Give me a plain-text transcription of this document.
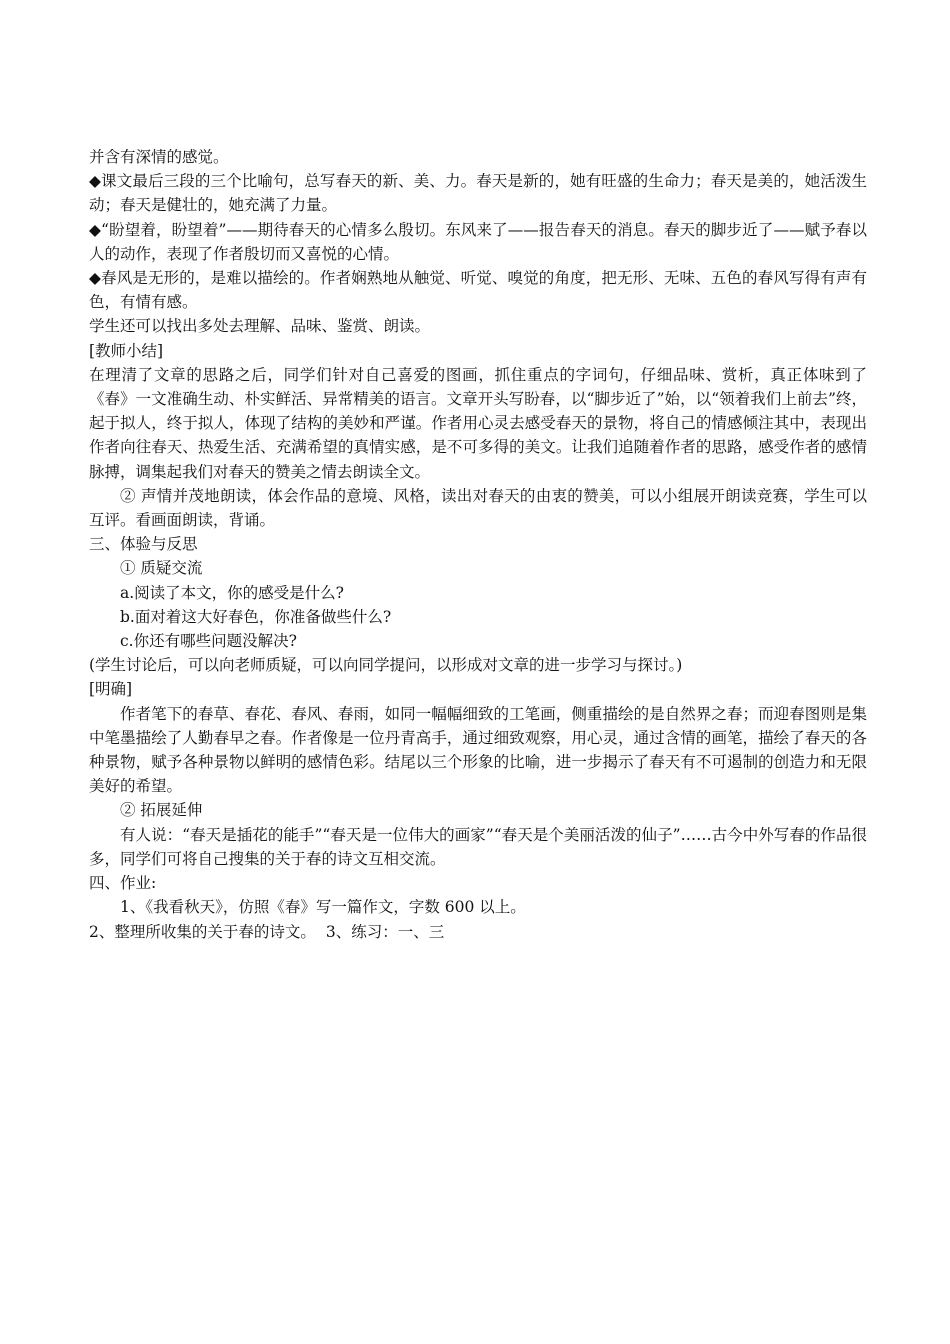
并含有深情的感觉。

◆课文最后三段的三个比喻句，总写春天的新、美、力。春天是新的，她有旺盛的生命力；春天是美的，她活泼生动；春天是健壮的，她充满了力量。

◆“盼望着，盼望着”——期待春天的心情多么殷切。东风来了——报告春天的消息。春天的脚步近了——赋予春以人的动作，表现了作者殷切而又喜悦的心情。

◆春风是无形的，是难以描绘的。作者娴熟地从触觉、听觉、嗅觉的角度，把无形、无味、五色的春风写得有声有色，有情有感。

学生还可以找出多处去理解、品味、鉴赏、朗读。

[教师小结]

在理清了文章的思路之后，同学们针对自己喜爱的图画，抓住重点的字词句，仔细品味、赏析，真正体味到了《春》一文准确生动、朴实鲜活、异常精美的语言。文章开头写盼春，以“脚步近了”始，以“领着我们上前去”终，起于拟人，终于拟人，体现了结构的美妙和严谨。作者用心灵去感受春天的景物，将自己的情感倾注其中，表现出作者向往春天、热爱生活、充满希望的真情实感，是不可多得的美文。让我们追随着作者的思路，感受作者的感情脉搏，调集起我们对春天的赞美之情去朗读全文。

② 声情并茂地朗读，体会作品的意境、风格，读出对春天的由衷的赞美，可以小组展开朗读竞赛，学生可以互评。看画面朗读，背诵。

三、体验与反思

① 质疑交流

a.阅读了本文，你的感受是什么?

b.面对着这大好春色，你准备做些什么?

c.你还有哪些问题没解决?

(学生讨论后，可以向老师质疑，可以向同学提问，以形成对文章的进一步学习与探讨。)

[明确]

作者笔下的春草、春花、春风、春雨，如同一幅幅细致的工笔画，侧重描绘的是自然界之春；而迎春图则是集中笔墨描绘了人勤春早之春。作者像是一位丹青高手，通过细致观察，用心灵，通过含情的画笔，描绘了春天的各种景物，赋予各种景物以鲜明的感情色彩。结尾以三个形象的比喻，进一步揭示了春天有不可遏制的创造力和无限美好的希望。

② 拓展延伸

有人说：“春天是插花的能手”“春天是一位伟大的画家”“春天是个美丽活泼的仙子”……古今中外写春的作品很多，同学们可将自己搜集的关于春的诗文互相交流。

四、作业:

1、《我看秋天》，仿照《春》写一篇作文，字数 600 以上。

2、整理所收集的关于春的诗文。 3、练习：一、三
